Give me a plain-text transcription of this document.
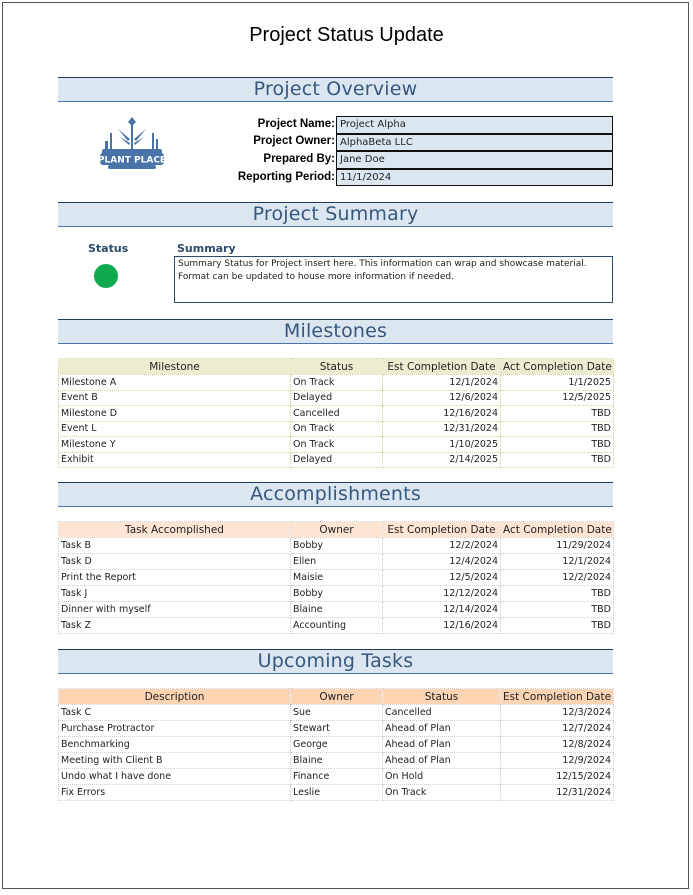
Project Status Update
Project Overview
PLANT PLACE
Project Name: Project Alpha
Project Owner: AlphaBeta LLC
Prepared By: Jane Doe
Reporting Period: 11/1/2024
Project Summary
Status	Summary
Summary Status for Project insert here. This information can wrap and showcase material. Format can be updated to house more information if needed.
Milestones
Milestone	Status	Est Completion Date	Act Completion Date
Milestone A	On Track	12/1/2024	1/1/2025
Event B	Delayed	12/6/2024	12/5/2025
Milestone D	Cancelled	12/16/2024	TBD
Event L	On Track	12/31/2024	TBD
Milestone Y	On Track	1/10/2025	TBD
Exhibit	Delayed	2/14/2025	TBD
Accomplishments
Task Accomplished	Owner	Est Completion Date	Act Completion Date
Task B	Bobby	12/2/2024	11/29/2024
Task D	Ellen	12/4/2024	12/1/2024
Print the Report	Maisie	12/5/2024	12/2/2024
Task J	Bobby	12/12/2024	TBD
Dinner with myself	Blaine	12/14/2024	TBD
Task Z	Accounting	12/16/2024	TBD
Upcoming Tasks
Description	Owner	Status	Est Completion Date
Task C	Sue	Cancelled	12/3/2024
Purchase Protractor	Stewart	Ahead of Plan	12/7/2024
Benchmarking	George	Ahead of Plan	12/8/2024
Meeting with Client B	Blaine	Ahead of Plan	12/9/2024
Undo what I have done	Finance	On Hold	12/15/2024
Fix Errors	Leslie	On Track	12/31/2024
